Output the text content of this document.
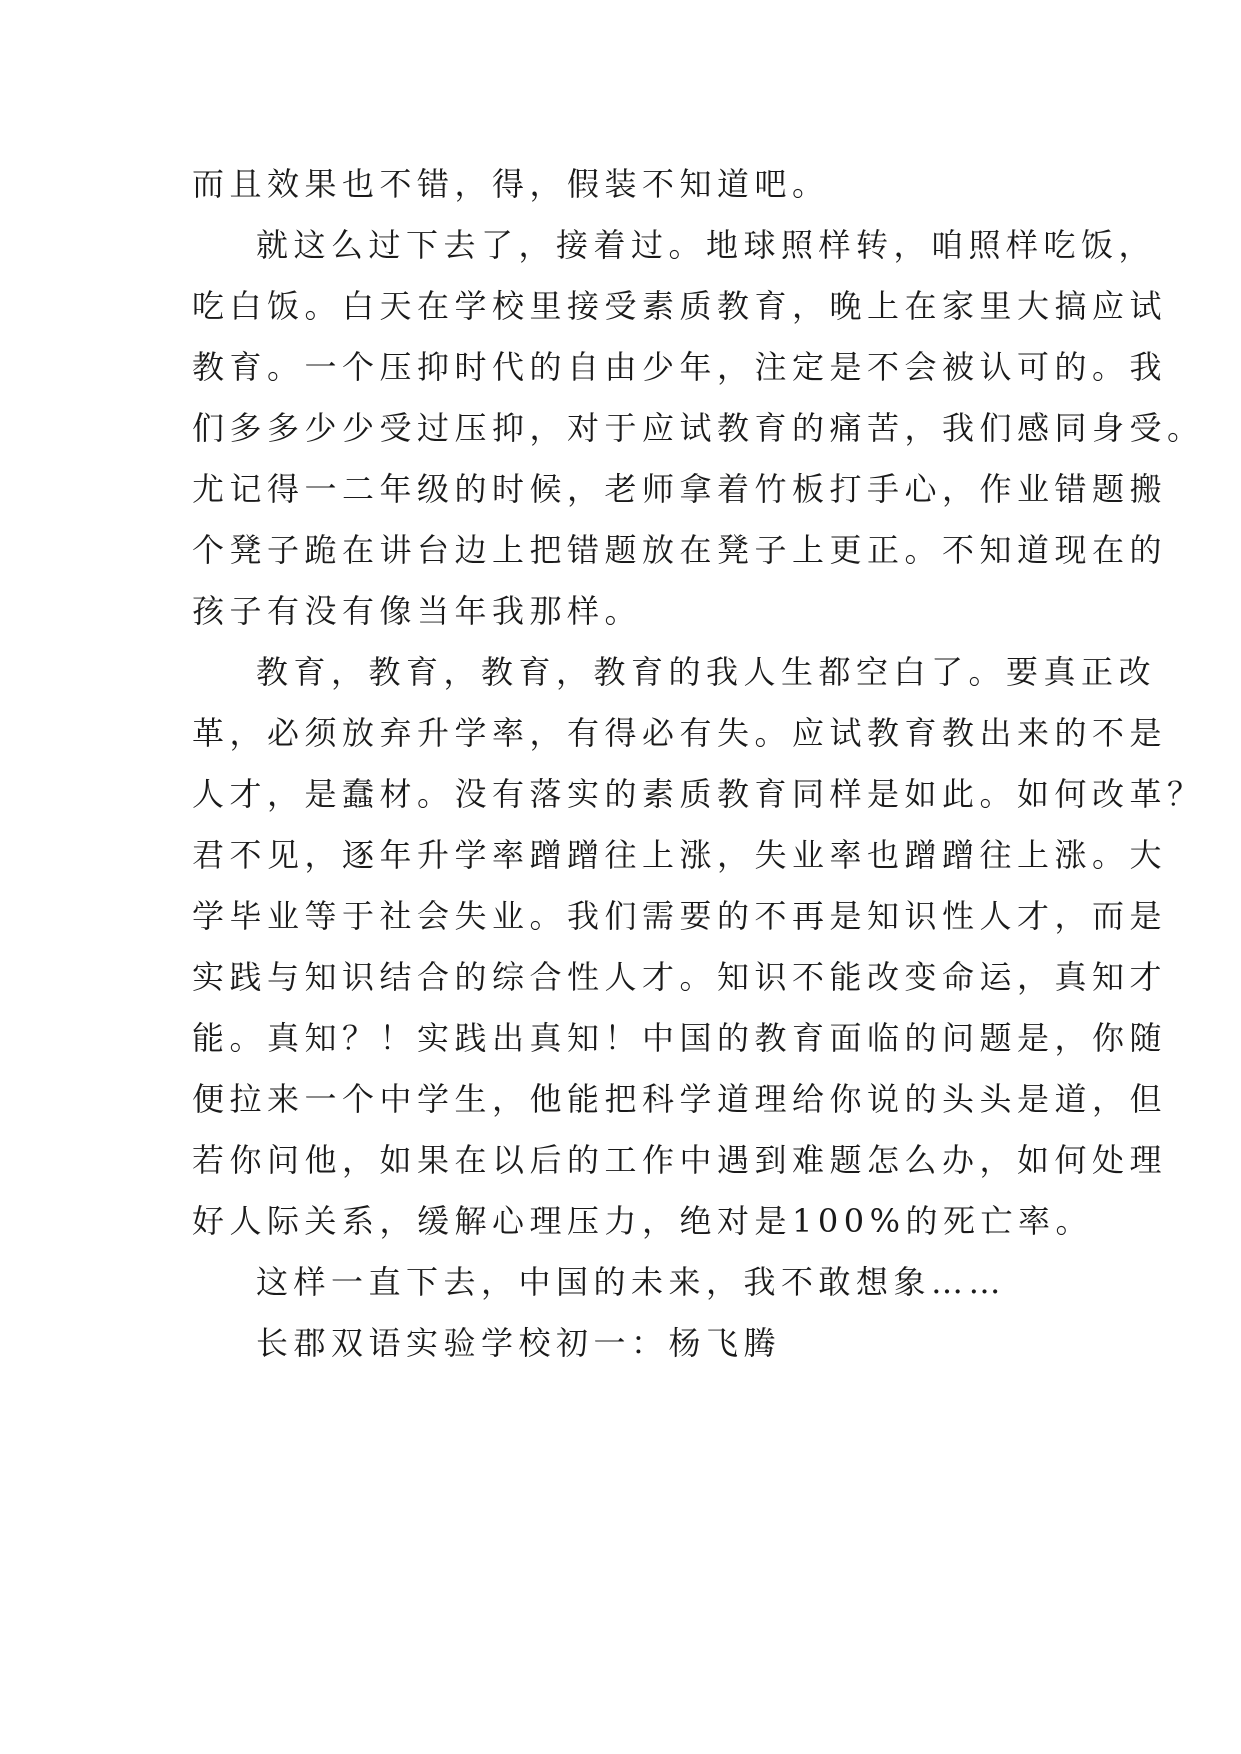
而且效果也不错，得，假装不知道吧。
就这么过下去了，接着过。地球照样转，咱照样吃饭，
吃白饭。白天在学校里接受素质教育，晚上在家里大搞应试
教育。一个压抑时代的自由少年，注定是不会被认可的。我
们多多少少受过压抑，对于应试教育的痛苦，我们感同身受。
尤记得一二年级的时候，老师拿着竹板打手心，作业错题搬
个凳子跪在讲台边上把错题放在凳子上更正。不知道现在的
孩子有没有像当年我那样。
教育，教育，教育，教育的我人生都空白了。要真正改
革，必须放弃升学率，有得必有失。应试教育教出来的不是
人才，是蠢材。没有落实的素质教育同样是如此。如何改革？
君不见，逐年升学率蹭蹭往上涨，失业率也蹭蹭往上涨。大
学毕业等于社会失业。我们需要的不再是知识性人才，而是
实践与知识结合的综合性人才。知识不能改变命运，真知才
能。真知？！实践出真知！中国的教育面临的问题是，你随
便拉来一个中学生，他能把科学道理给你说的头头是道，但
若你问他，如果在以后的工作中遇到难题怎么办，如何处理
好人际关系，缓解心理压力，绝对是100%的死亡率。
这样一直下去，中国的未来，我不敢想象……
长郡双语实验学校初一：杨飞腾
